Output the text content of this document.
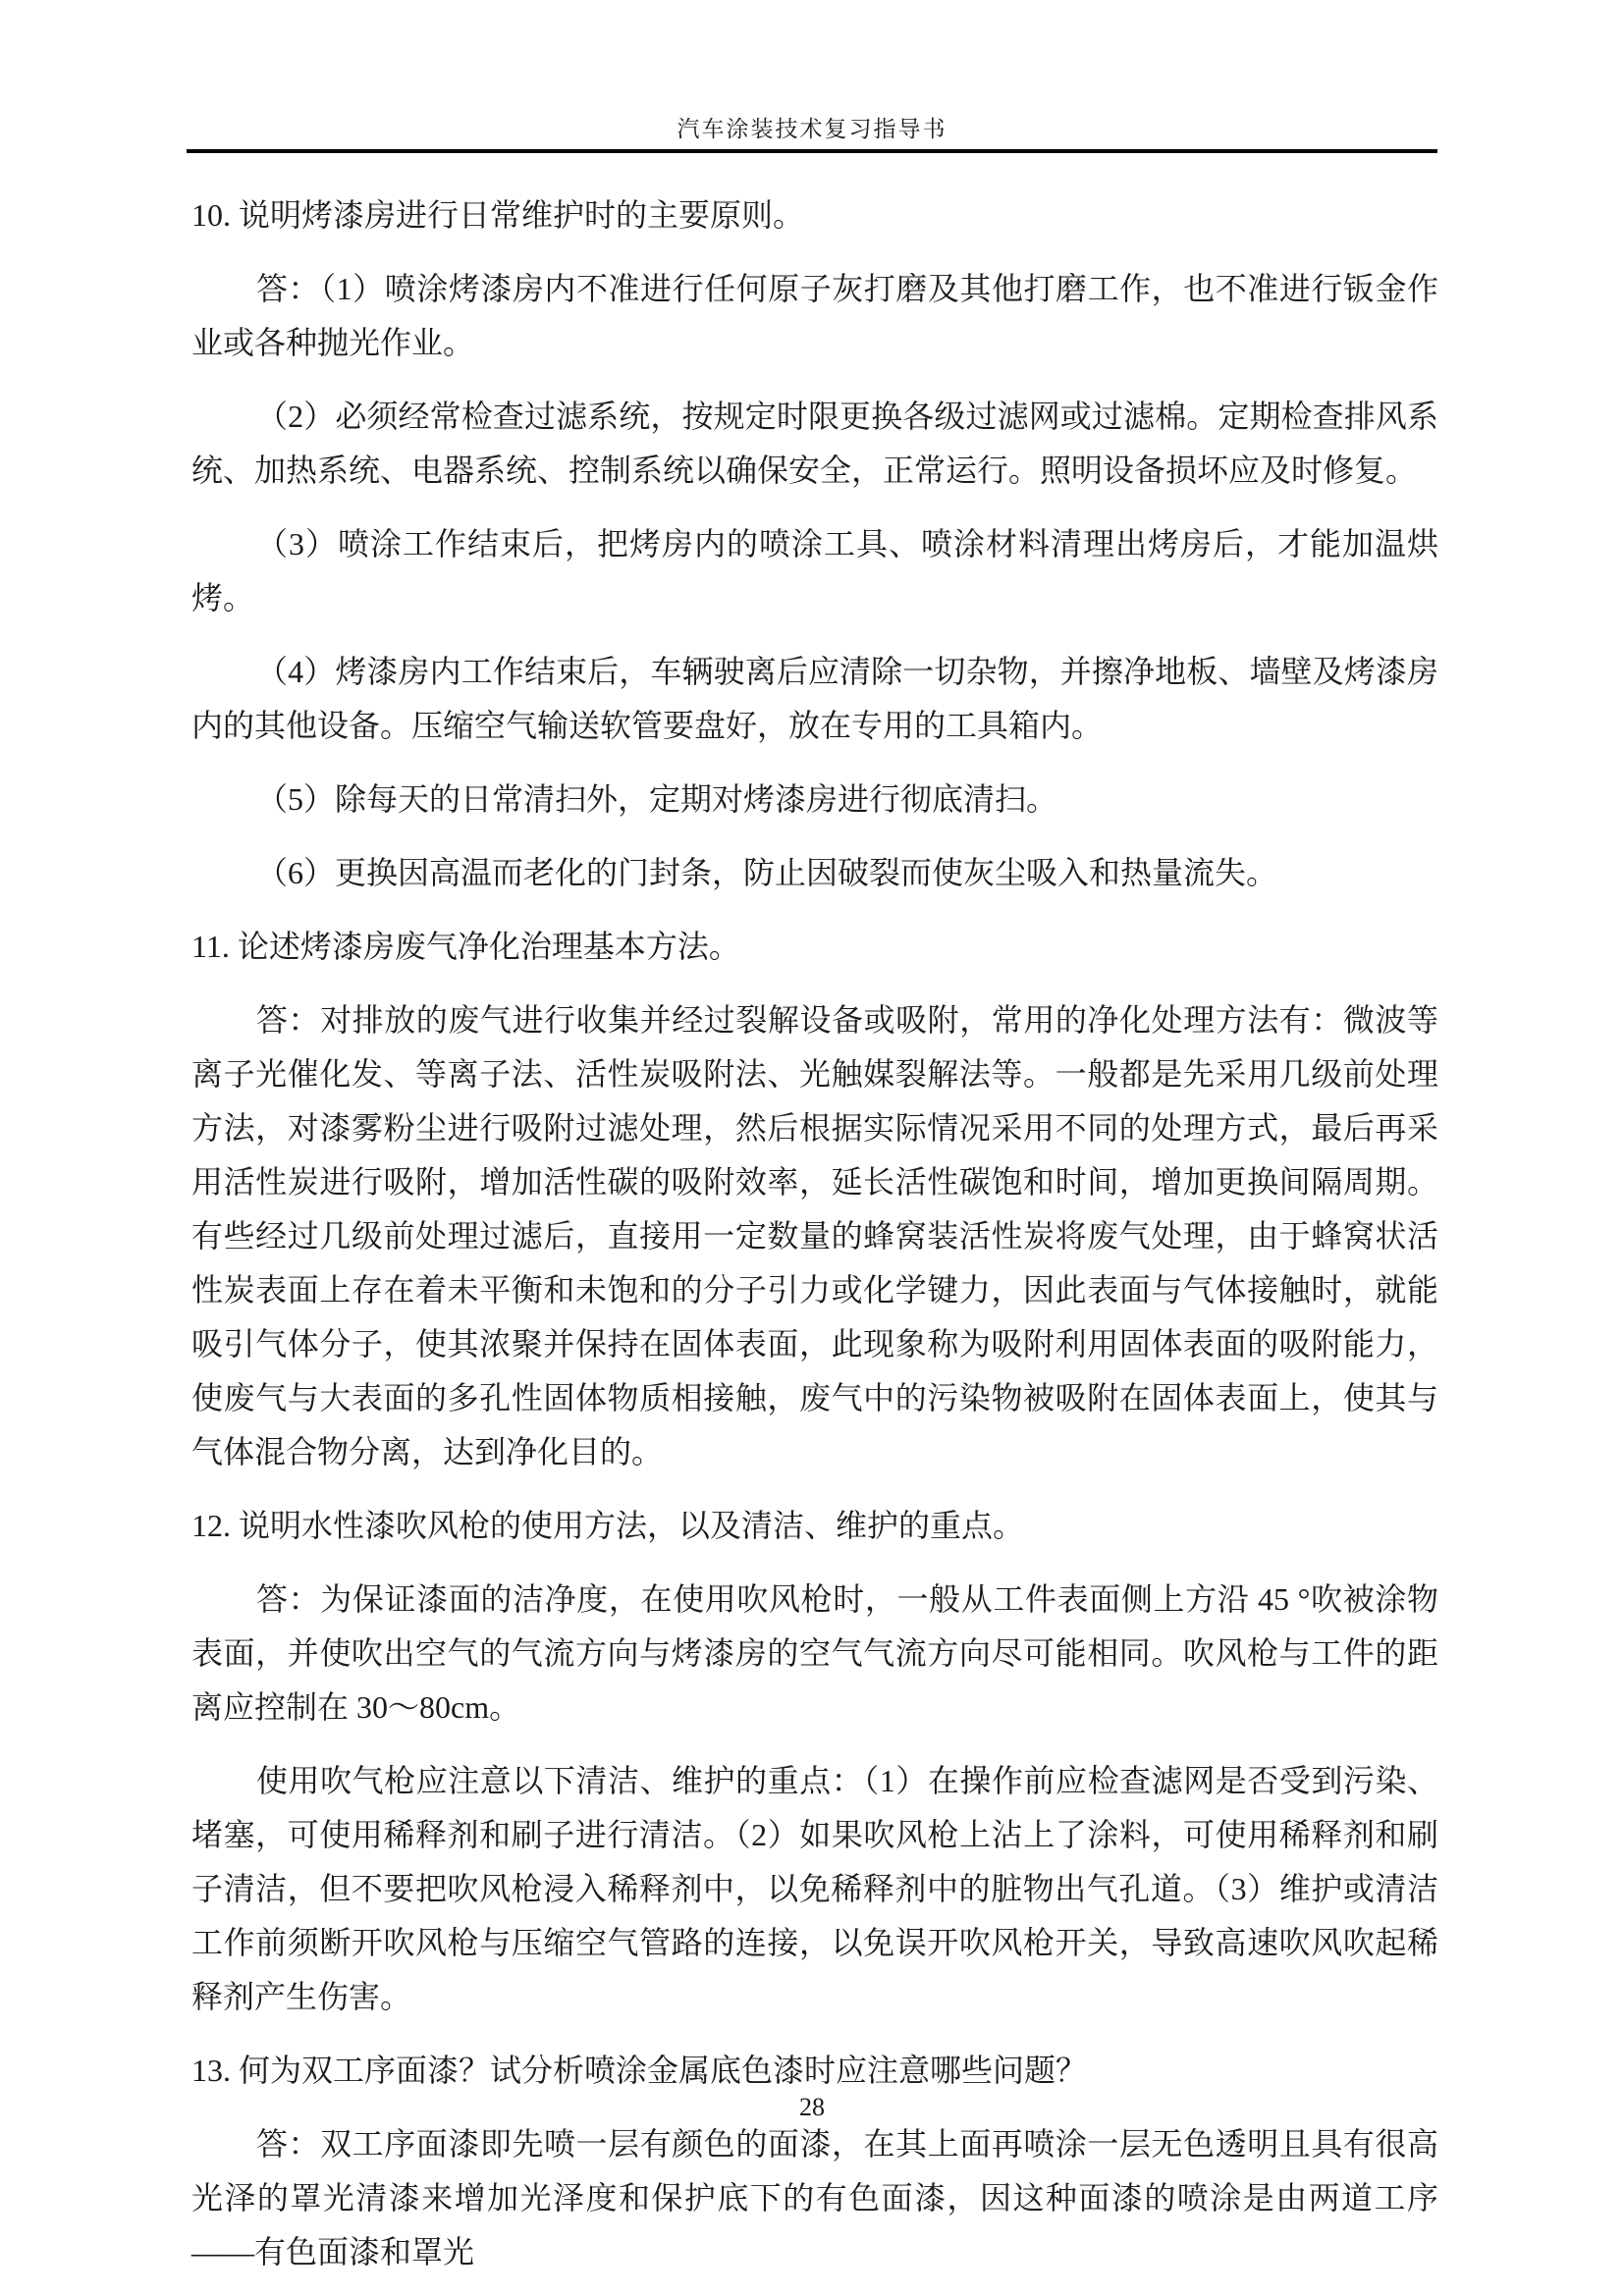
汽车涂装技术复习指导书

10. 说明烤漆房进行日常维护时的主要原则。

答：（1）喷涂烤漆房内不准进行任何原子灰打磨及其他打磨工作，也不准进行钣金作业或各种抛光作业。

（2）必须经常检查过滤系统，按规定时限更换各级过滤网或过滤棉。定期检查排风系统、加热系统、电器系统、控制系统以确保安全，正常运行。照明设备损坏应及时修复。

（3）喷涂工作结束后，把烤房内的喷涂工具、喷涂材料清理出烤房后，才能加温烘烤。

（4）烤漆房内工作结束后，车辆驶离后应清除一切杂物，并擦净地板、墙壁及烤漆房内的其他设备。压缩空气输送软管要盘好，放在专用的工具箱内。

（5）除每天的日常清扫外，定期对烤漆房进行彻底清扫。

（6）更换因高温而老化的门封条，防止因破裂而使灰尘吸入和热量流失。

11. 论述烤漆房废气净化治理基本方法。

答：对排放的废气进行收集并经过裂解设备或吸附，常用的净化处理方法有：微波等离子光催化发、等离子法、活性炭吸附法、光触媒裂解法等。一般都是先采用几级前处理方法，对漆雾粉尘进行吸附过滤处理，然后根据实际情况采用不同的处理方式，最后再采用活性炭进行吸附，增加活性碳的吸附效率，延长活性碳饱和时间，增加更换间隔周期。有些经过几级前处理过滤后，直接用一定数量的蜂窝装活性炭将废气处理，由于蜂窝状活性炭表面上存在着未平衡和未饱和的分子引力或化学键力，因此表面与气体接触时，就能吸引气体分子，使其浓聚并保持在固体表面，此现象称为吸附利用固体表面的吸附能力，使废气与大表面的多孔性固体物质相接触，废气中的污染物被吸附在固体表面上，使其与气体混合物分离，达到净化目的。

12. 说明水性漆吹风枪的使用方法，以及清洁、维护的重点。

答：为保证漆面的洁净度，在使用吹风枪时，一般从工件表面侧上方沿 45 °吹被涂物表面，并使吹出空气的气流方向与烤漆房的空气气流方向尽可能相同。吹风枪与工件的距离应控制在 30～80cm。

使用吹气枪应注意以下清洁、维护的重点：（1）在操作前应检查滤网是否受到污染、堵塞，可使用稀释剂和刷子进行清洁。（2）如果吹风枪上沾上了涂料，可使用稀释剂和刷子清洁，但不要把吹风枪浸入稀释剂中，以免稀释剂中的脏物出气孔道。（3）维护或清洁工作前须断开吹风枪与压缩空气管路的连接，以免误开吹风枪开关，导致高速吹风吹起稀释剂产生伤害。

13. 何为双工序面漆？试分析喷涂金属底色漆时应注意哪些问题？

答：双工序面漆即先喷一层有颜色的面漆，在其上面再喷涂一层无色透明且具有很高光泽的罩光清漆来增加光泽度和保护底下的有色面漆，因这种面漆的喷涂是由两道工序——有色面漆和罩光

28
